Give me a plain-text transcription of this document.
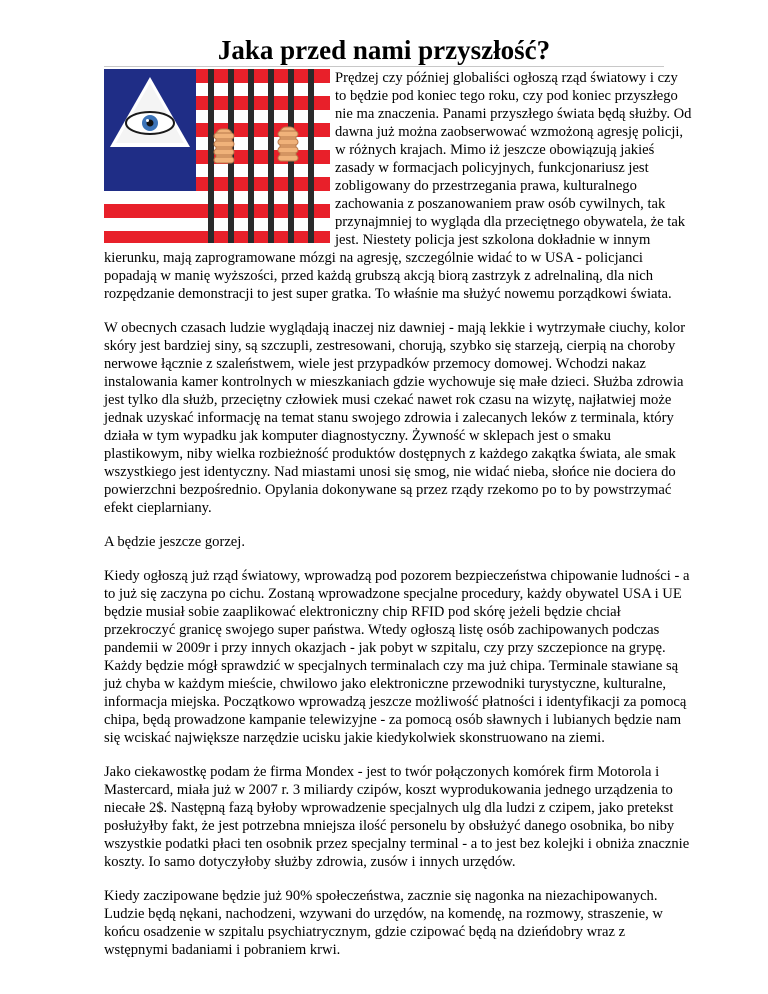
Jaka przed nami przyszłość?

Prędzej czy później globaliści ogłoszą rząd światowy i czy to będzie pod koniec tego roku, czy pod koniec przyszłego nie ma znaczenia. Panami przyszłego świata będą służby. Od dawna już można zaobserwować wzmożoną agresję policji, w różnych krajach. Mimo iż jeszcze obowiązują jakieś zasady w formacjach policyjnych, funkcjonariusz jest zobligowany do przestrzegania prawa, kulturalnego zachowania z poszanowaniem praw osób cywilnych, tak przynajmniej to wygląda dla przeciętnego obywatela, że tak jest. Niestety policja jest szkolona dokładnie w innym kierunku, mają zaprogramowane mózgi na agresję, szczególnie widać to w USA - policjanci popadają w manię wyższości, przed każdą grubszą akcją biorą zastrzyk z adrelnaliną, dla nich rozpędzanie demonstracji to jest super gratka. To właśnie ma służyć nowemu porządkowi świata.

W obecnych czasach ludzie wyglądają inaczej niz dawniej - mają lekkie i wytrzymałe ciuchy, kolor skóry jest bardziej siny, są szczupli, zestresowani, chorują, szybko się starzeją, cierpią na choroby nerwowe łącznie z szaleństwem, wiele jest przypadków przemocy domowej. Wchodzi nakaz instalowania kamer kontrolnych w mieszkaniach gdzie wychowuje się małe dzieci. Służba zdrowia jest tylko dla służb, przeciętny człowiek musi czekać nawet rok czasu na wizytę, najłatwiej może jednak uzyskać informację na temat stanu swojego zdrowia i zalecanych leków z terminala, który działa w tym wypadku jak komputer diagnostyczny. Żywność w sklepach jest o smaku plastikowym, niby wielka rozbieżność produktów dostępnych z każdego zakątka świata, ale smak wszystkiego jest identyczny. Nad miastami unosi się smog, nie widać nieba, słońce nie dociera do powierzchni bezpośrednio. Opylania dokonywane są przez rządy rzekomo po to by powstrzymać efekt cieplarniany.

A będzie jeszcze gorzej.

Kiedy ogłoszą już rząd światowy, wprowadzą pod pozorem bezpieczeństwa chipowanie ludności - a to już się zaczyna po cichu. Zostaną wprowadzone specjalne procedury, każdy obywatel USA i UE będzie musiał sobie zaaplikować elektroniczny chip RFID pod skórę jeżeli będzie chciał przekroczyć granicę swojego super państwa. Wtedy ogłoszą listę osób zachipowanych podczas pandemii w 2009r i przy innych okazjach - jak pobyt w szpitalu, czy przy szczepionce na grypę. Każdy będzie mógł sprawdzić w specjalnych terminalach czy ma już chipa. Terminale stawiane są już chyba w każdym mieście, chwilowo jako elektroniczne przewodniki turystyczne, kulturalne, informacja miejska. Początkowo wprowadzą jeszcze możliwość płatności i identyfikacji za pomocą chipa, będą prowadzone kampanie telewizyjne - za pomocą osób sławnych i lubianych będzie nam się wciskać największe narzędzie ucisku jakie kiedykolwiek skonstruowano na ziemi.

Jako ciekawostkę podam że firma Mondex - jest to twór połączonych komórek firm Motorola i Mastercard, miała już w 2007 r. 3 miliardy czipów, koszt wyprodukowania jednego urządzenia to niecałe 2$. Następną fazą byłoby wprowadzenie specjalnych ulg dla ludzi z czipem, jako pretekst posłużyłby fakt, że jest potrzebna mniejsza ilość personelu by obsłużyć danego osobnika, bo niby wszystkie podatki płaci ten osobnik przez specjalny terminal - a to jest bez kolejki i obniża znacznie koszty. Io samo dotyczyłoby służby zdrowia, zusów i innych urzędów.

Kiedy zaczipowane będzie już 90% społeczeństwa, zacznie się nagonka na niezachipowanych. Ludzie będą nękani, nachodzeni, wzywani do urzędów, na komendę, na rozmowy, straszenie, w końcu osadzenie w szpitalu psychiatrycznym, gdzie czipować będą na dzieńdobry wraz z wstępnymi badaniami i pobraniem krwi.
